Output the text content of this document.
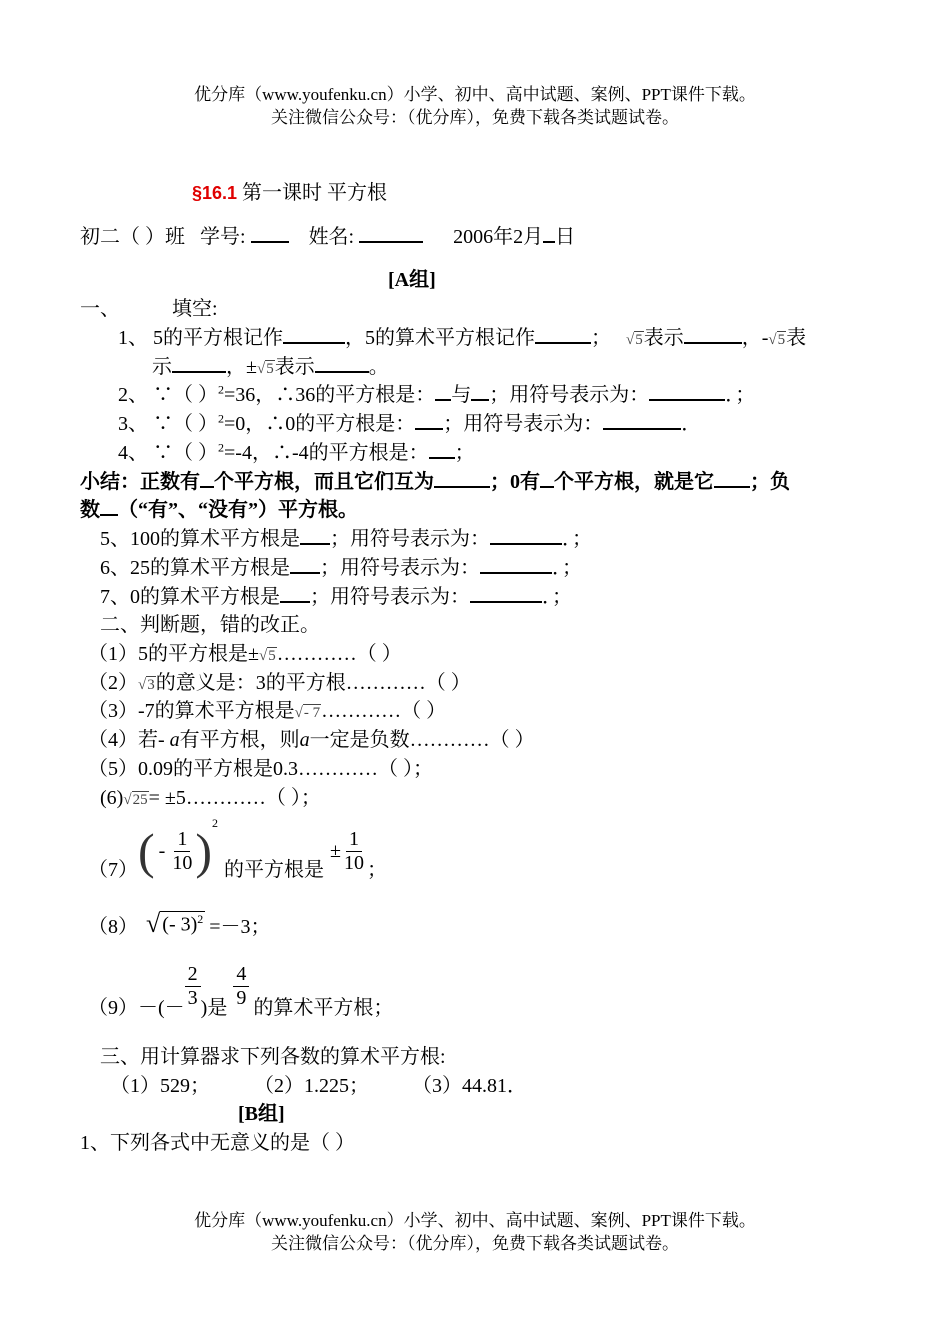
优分库（www.youfenku.cn）小学、初中、高中试题、案例、PPT课件下载。
关注微信公众号：（优分库），免费下载各类试题试卷。
§16.1 第一课时 平方根
初二（ ）班 学号:	姓名:	2006年2月 日
[A组]
一、	填空:
1、 5的平方根记作	，5的算术平方根记作	； √5表示	，-√5表
示	，±√5表示	。
2、 ∵（ ）$^2$=36，∴36的平方根是： 与 ；用符号表示为：	．；
3、 ∵（ ）$^2$=0，∴0的平方根是： ；用符号表示为：	．
4、 ∵（ ）$^2$=-4，∴-4的平方根是： ；
小结：正数有 个平方根，而且它们互为	；0有 个平方根，就是它 ；负
数 （“有”、“没有”）平方根。
5、100的算术平方根是 ；用符号表示为：	．；
6、25的算术平方根是 ；用符号表示为：	．；
7、0的算术平方根是 ；用符号表示为：	．；
二、判断题，错的改正。
（1）5的平方根是±√5…………（ ）
（2）√3的意义是：3的平方根…………（ ）
（3）-7的算术平方根是√- 7…………（ ）
（4）若- a有平方根，则a一定是负数…………（ ）
（5）0.09的平方根是0.3…………（ ）；
(6)√25= ±5…………（ ）；
（7） ( - $\frac{1}{10}$ ) 2
的平方根是
± $\frac{1}{10}$ ；
（8） √ (- 3)$^2$ =－3；
$(9)-(- \frac{2}{3}$ )是 $\frac{4}{9}$ 的算术平方根；
三、用计算器求下列各数的算术平方根:
（1）529； （2）1.225； （3）44.81．
[B组]
1、下列各式中无意义的是（ ）
优分库（www.youfenku.cn）小学、初中、高中试题、案例、PPT课件下载。
关注微信公众号：（优分库），免费下载各类试题试卷。
